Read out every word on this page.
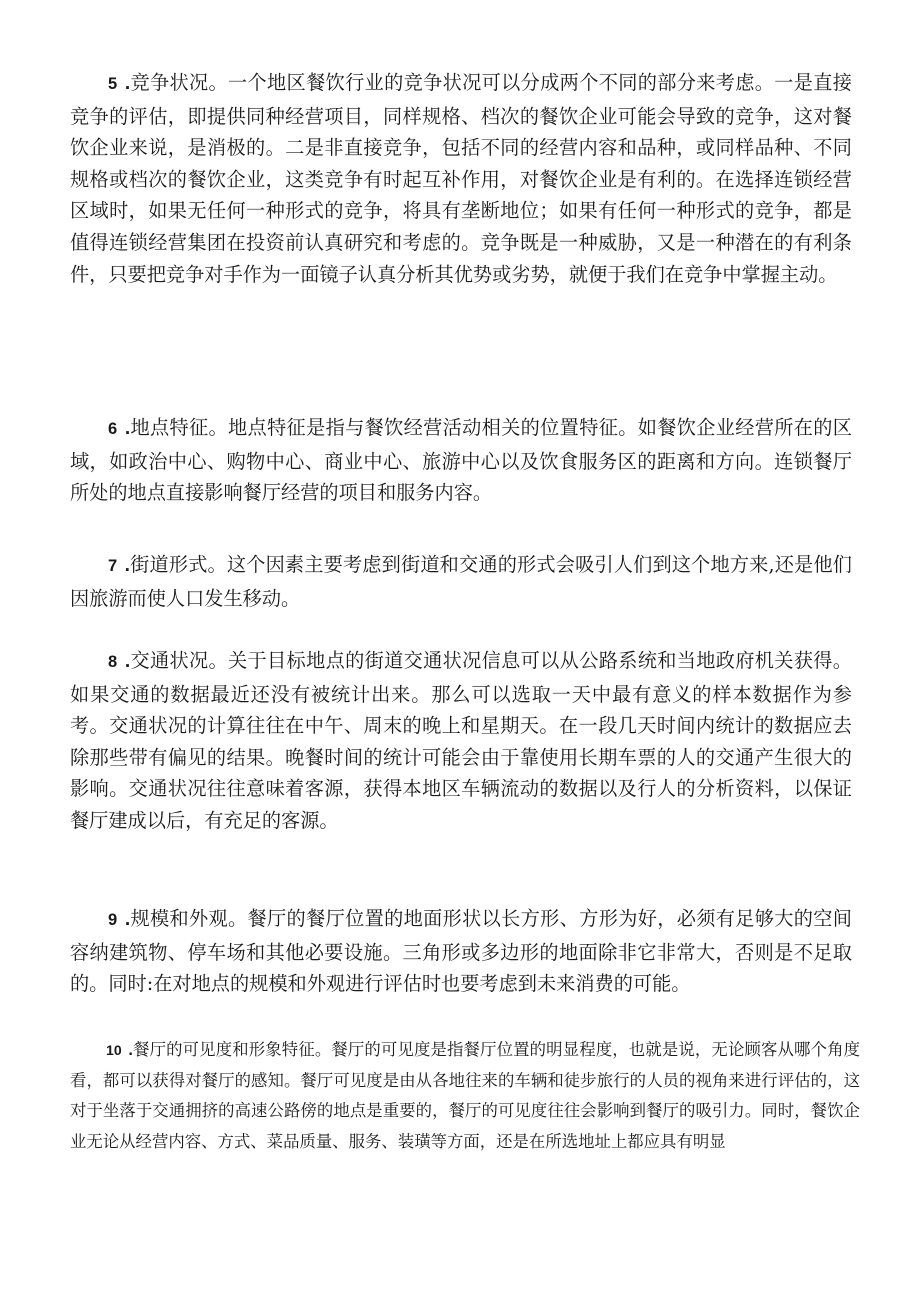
5 .竞争状况。一个地区餐饮行业的竞争状况可以分成两个不同的部分来考虑。一是直接竞争的评估，即提供同种经营项目，同样规格、档次的餐饮企业可能会导致的竞争，这对餐饮企业来说，是消极的。二是非直接竞争，包括不同的经营内容和品种，或同样品种、不同规格或档次的餐饮企业，这类竞争有时起互补作用，对餐饮企业是有利的。在选择连锁经营区域时，如果无任何一种形式的竞争，将具有垄断地位；如果有任何一种形式的竞争，都是值得连锁经营集团在投资前认真研究和考虑的。竞争既是一种威胁，又是一种潜在的有利条件，只要把竞争对手作为一面镜子认真分析其优势或劣势，就便于我们在竞争中掌握主动。

6 .地点特征。地点特征是指与餐饮经营活动相关的位置特征。如餐饮企业经营所在的区域，如政治中心、购物中心、商业中心、旅游中心以及饮食服务区的距离和方向。连锁餐厅所处的地点直接影响餐厅经营的项目和服务内容。

7 .街道形式。这个因素主要考虑到街道和交通的形式会吸引人们到这个地方来,还是他们因旅游而使人口发生移动。

8 .交通状况。关于目标地点的街道交通状况信息可以从公路系统和当地政府机关获得。如果交通的数据最近还没有被统计出来。那么可以选取一天中最有意义的样本数据作为参考。交通状况的计算往往在中午、周末的晚上和星期天。在一段几天时间内统计的数据应去除那些带有偏见的结果。晚餐时间的统计可能会由于靠使用长期车票的人的交通产生很大的影响。交通状况往往意味着客源，获得本地区车辆流动的数据以及行人的分析资料，以保证餐厅建成以后，有充足的客源。

9 .规模和外观。餐厅的餐厅位置的地面形状以长方形、方形为好，必须有足够大的空间容纳建筑物、停车场和其他必要设施。三角形或多边形的地面除非它非常大，否则是不足取的。同时:在对地点的规模和外观进行评估时也要考虑到未来消费的可能。

10 .餐厅的可见度和形象特征。餐厅的可见度是指餐厅位置的明显程度，也就是说，无论顾客从哪个角度看，都可以获得对餐厅的感知。餐厅可见度是由从各地往来的车辆和徒步旅行的人员的视角来进行评估的，这对于坐落于交通拥挤的高速公路傍的地点是重要的，餐厅的可见度往往会影响到餐厅的吸引力。同时，餐饮企业无论从经营内容、方式、菜品质量、服务、装璜等方面，还是在所选地址上都应具有明显
